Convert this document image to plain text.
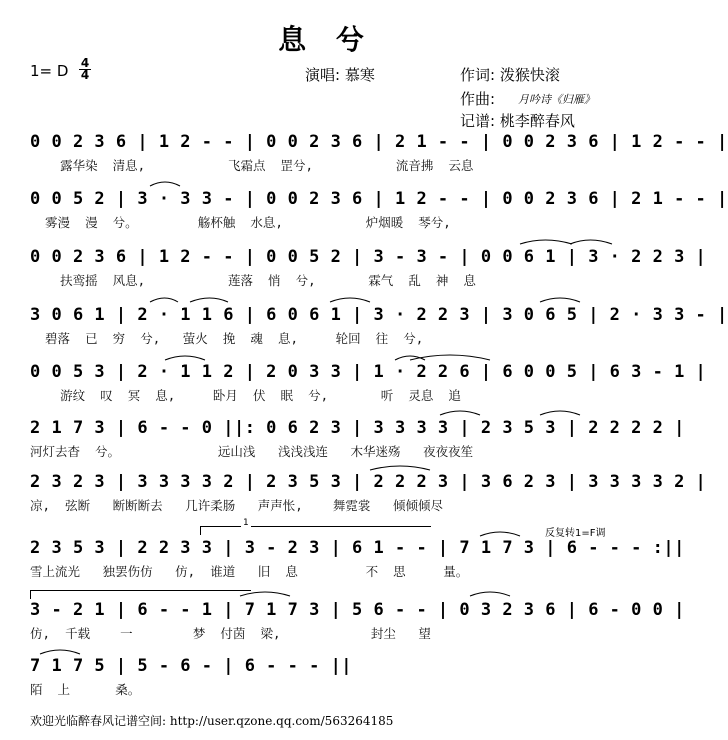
息 兮
1= D 4
4	演唱: 慕寒	作词: 泼猴快滚
作曲: 月吟诗《归雁》
记谱: 桃李醉春风
0 0 2 3 6 | 1 2 - - | 0 0 2 3 6 | 2 1 - - | 0 0 2 3 6 | 1 2 - - |
露华染  清息,           飞霜点  罡兮,           流音拂  云息
0 0 5 2 | 3 · 3 3 - | 0 0 2 3 6 | 1 2 - - | 0 0 2 3 6 | 2 1 - - |
雾漫  漫  兮。        觞杯触  水息,           炉烟暖  琴兮,
0 0 2 3 6 | 1 2 - - | 0 0 5 2 | 3 - 3 - | 0 0 6 1 | 3 · 2 2 3 |
扶鸾摇  风息,           莲落  悄  兮,       霖气  乱  神  息
3 0 6 1 | 2 · 1 1 6 | 6 0 6 1 | 3 · 2 2 3 | 3 0 6 5 | 2 · 3 3 - |
碧落  已  穷  兮,   萤火  挽  魂  息,     轮回  往  兮,
0 0 5 3 | 2 · 1 1 2 | 2 0 3 3 | 1 · 2 2 6 | 6 0 0 5 | 6 3 - 1 |
游纹  叹  冥  息,     卧月  伏  眠  兮,       听  灵息  追
2 1 7 3 | 6 - - 0 ||: 0 6 2 3 | 3 3 3 3 | 2 3 5 3 | 2 2 2 2 |
河灯去杳  兮。             远山浅   浅浅浅连   木华迷殇   夜夜夜笙
2 3 2 3 | 3 3 3 3 2 | 2 3 5 3 | 2 2 2 3 | 3 6 2 3 | 3 3 3 3 2 |
凉,  弦断   断断断去   几许柔肠   声声怅,    舞霓裳   倾倾倾尽
反复转1=F调
1
2 3 5 3 | 2 2 3 3 | 3 - 2 3 | 6 1 - - | 7 1 7 3 | 6 - - - :||
雪上流光   独罢伤仿   仿,  谁道   旧  息         不  思     量。
3 - 2 1 | 6 - - 1 | 7 1 7 3 | 5 6 - - | 0 3 2 3 6 | 6 - 0 0 |
仿,  千载    一        梦  付茵  梁,            封尘   望
7 1 7 5 | 5 - 6 - | 6 - - - ||
陌  上      桑。
欢迎光临醉春风记谱空间: http://user.qzone.qq.com/563264185
